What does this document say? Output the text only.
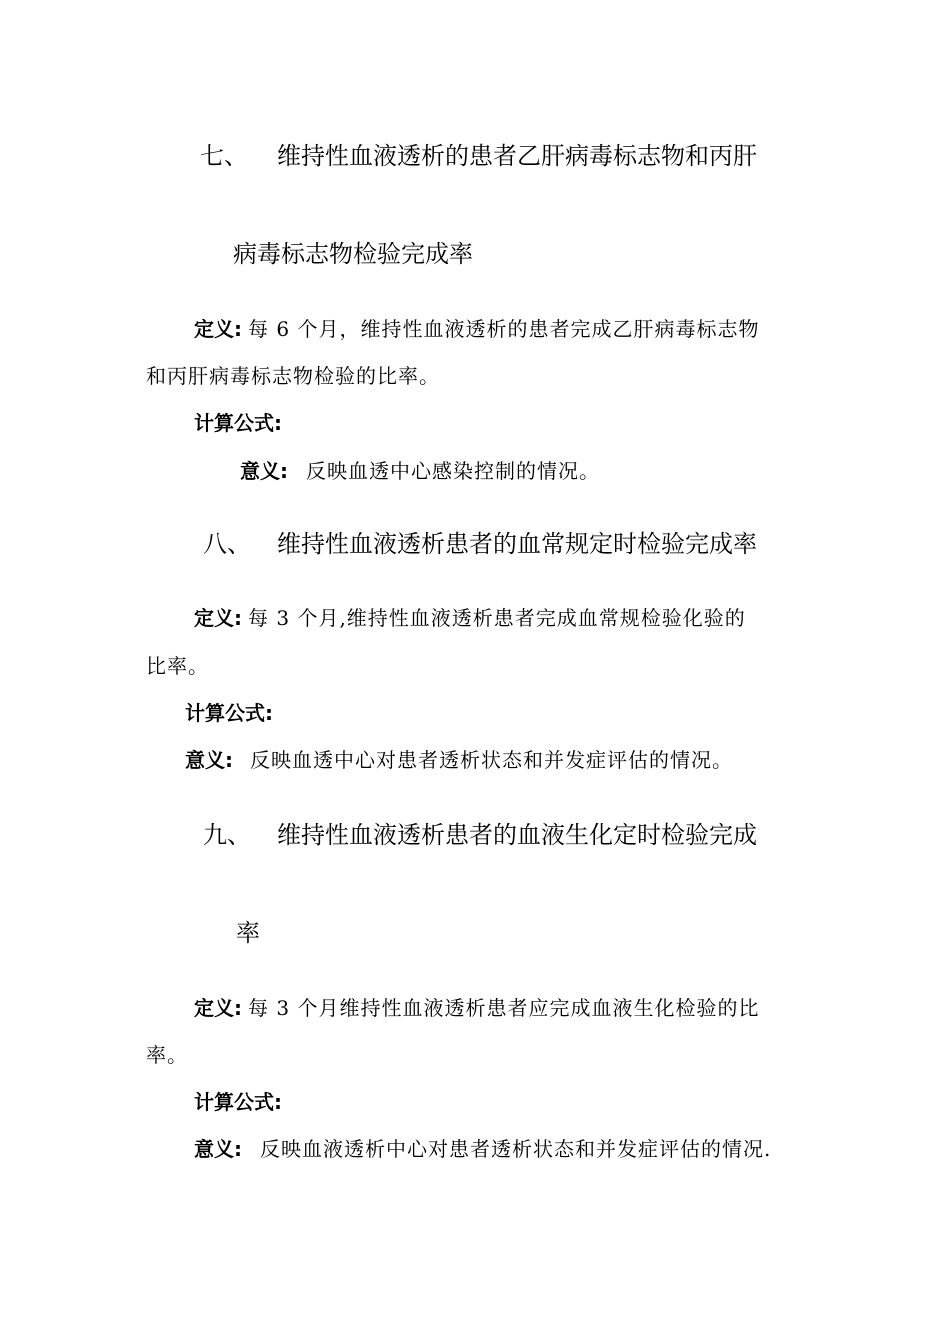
七、 维持性血液透析的患者乙肝病毒标志物和丙肝
病毒标志物检验完成率
定义: 每 6 个月，维持性血液透析的患者完成乙肝病毒标志物
和丙肝病毒标志物检验的比率。
计算公式:
意义: 反映血透中心感染控制的情况。
八、 维持性血液透析患者的血常规定时检验完成率
定义: 每 3 个月,维持性血液透析患者完成血常规检验化验的
比率。
计算公式:
意义: 反映血透中心对患者透析状态和并发症评估的情况。
九、 维持性血液透析患者的血液生化定时检验完成
率
定义: 每 3 个月维持性血液透析患者应完成血液生化检验的比
率。
计算公式:
意义: 反映血液透析中心对患者透析状态和并发症评估的情况.
